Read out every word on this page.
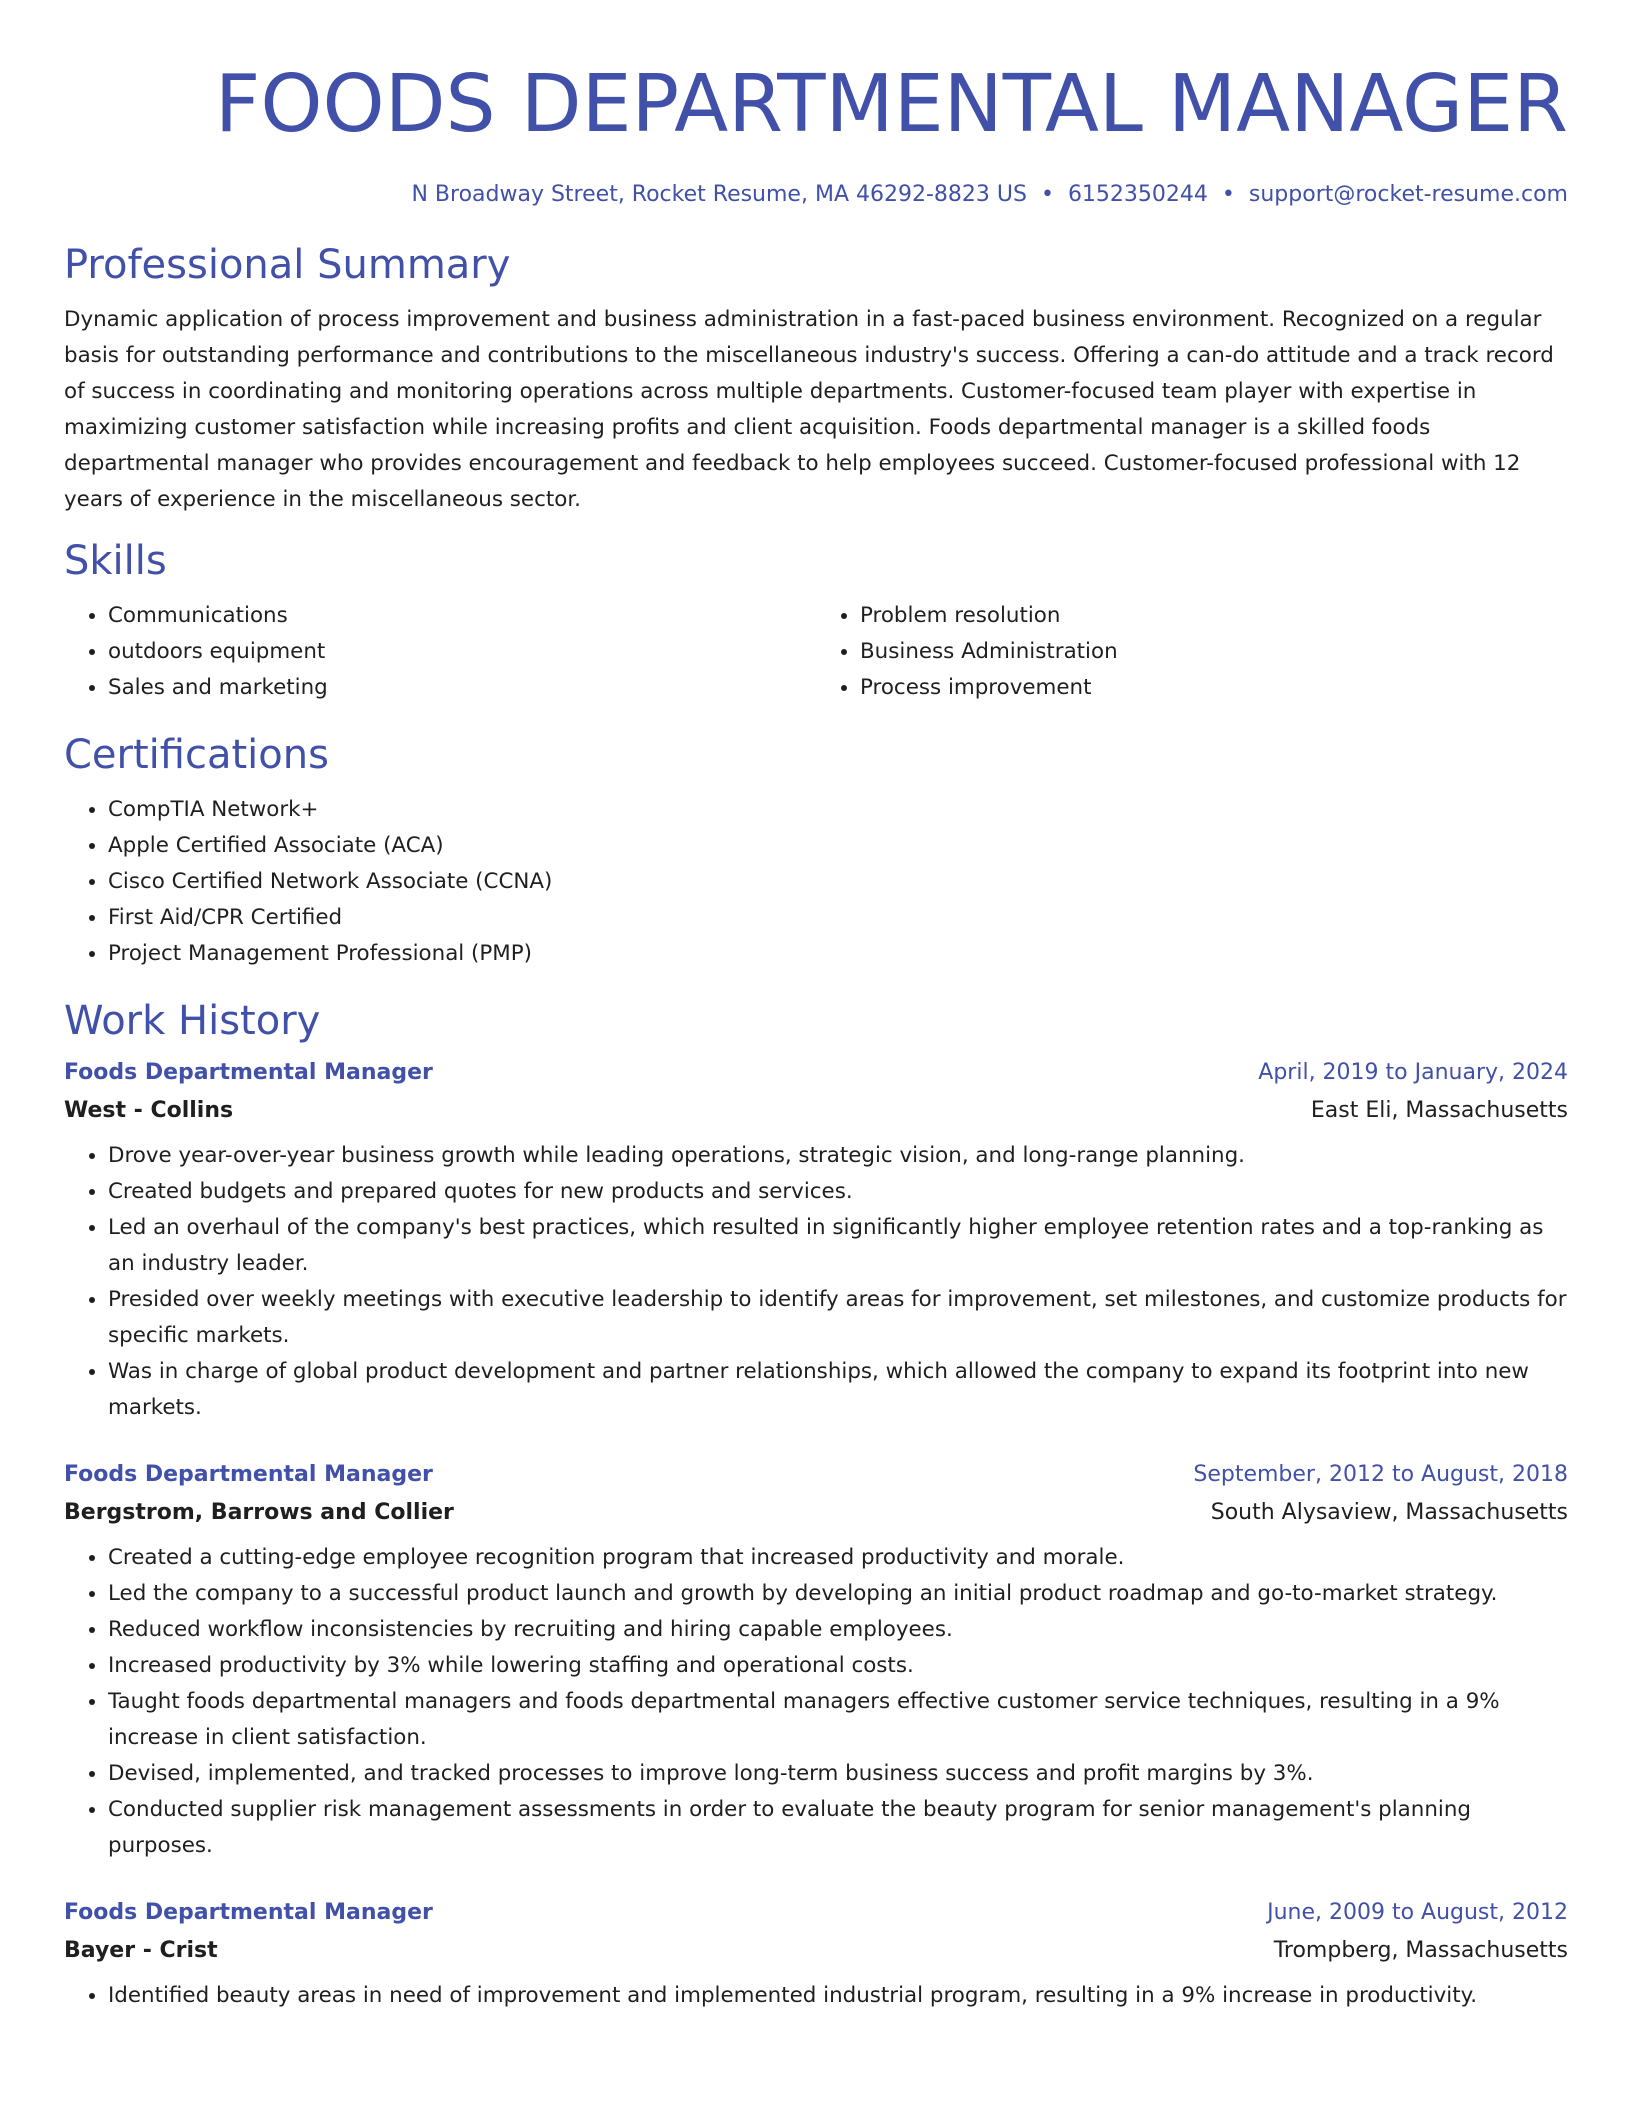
FOODS DEPARTMENTAL MANAGER
N Broadway Street, Rocket Resume, MA 46292-8823 US • 6152350244 • support@rocket-resume.com
Professional Summary

Dynamic application of process improvement and business administration in a fast-paced business environment. Recognized on a regular basis for outstanding performance and contributions to the miscellaneous industry's success. Offering a can-do attitude and a track record of success in coordinating and monitoring operations across multiple departments. Customer-focused team player with expertise in maximizing customer satisfaction while increasing profits and client acquisition. Foods departmental manager is a skilled foods departmental manager who provides encouragement and feedback to help employees succeed. Customer-focused professional with 12 years of experience in the miscellaneous sector.

Skills
• Communications
• outdoors equipment
• Sales and marketing
• Problem resolution
• Business Administration
• Process improvement
Certifications
• CompTIA Network+
• Apple Certified Associate (ACA)
• Cisco Certified Network Associate (CCNA)
• First Aid/CPR Certified
• Project Management Professional (PMP)
Work History
Foods Departmental Manager	April, 2019 to January, 2024
West - Collins	East Eli, Massachusetts
• Drove year-over-year business growth while leading operations, strategic vision, and long-range planning.
• Created budgets and prepared quotes for new products and services.
• Led an overhaul of the company's best practices, which resulted in significantly higher employee retention rates and a top-ranking as an industry leader.
• Presided over weekly meetings with executive leadership to identify areas for improvement, set milestones, and customize products for specific markets.
• Was in charge of global product development and partner relationships, which allowed the company to expand its footprint into new markets.
Foods Departmental Manager	September, 2012 to August, 2018
Bergstrom, Barrows and Collier	South Alysaview, Massachusetts
• Created a cutting-edge employee recognition program that increased productivity and morale.
• Led the company to a successful product launch and growth by developing an initial product roadmap and go-to-market strategy.
• Reduced workflow inconsistencies by recruiting and hiring capable employees.
• Increased productivity by 3% while lowering staffing and operational costs.
• Taught foods departmental managers and foods departmental managers effective customer service techniques, resulting in a 9% increase in client satisfaction.
• Devised, implemented, and tracked processes to improve long-term business success and profit margins by 3%.
• Conducted supplier risk management assessments in order to evaluate the beauty program for senior management's planning purposes.
Foods Departmental Manager	June, 2009 to August, 2012
Bayer - Crist	Trompberg, Massachusetts
• Identified beauty areas in need of improvement and implemented industrial program, resulting in a 9% increase in productivity.
